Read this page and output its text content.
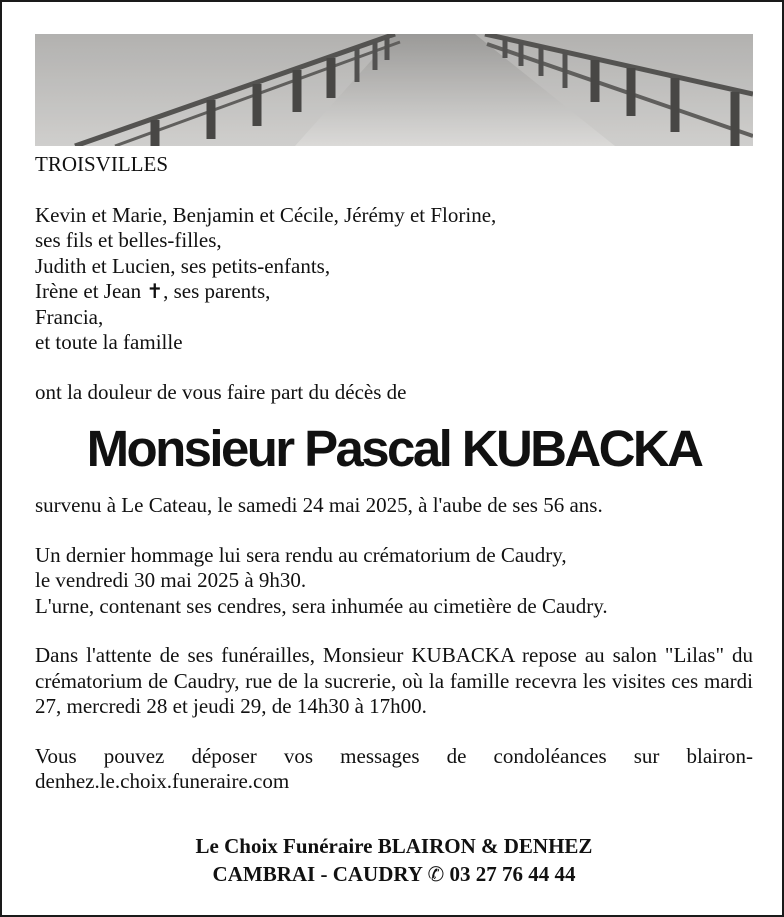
TROISVILLES

Kevin et Marie, Benjamin et Cécile, Jérémy et Florine,
ses fils et belles-filles,
Judith et Lucien, ses petits-enfants,
Irène et Jean ✝, ses parents,
Francia,
et toute la famille

ont la douleur de vous faire part du décès de

Monsieur Pascal KUBACKA

survenu à Le Cateau, le samedi 24 mai 2025, à l'aube de ses 56 ans.

Un dernier hommage lui sera rendu au crématorium de Caudry,
le vendredi 30 mai 2025 à 9h30.
L'urne, contenant ses cendres, sera inhumée au cimetière de Caudry.

Dans l'attente de ses funérailles, Monsieur KUBACKA repose au salon "Lilas" du crématorium de Caudry, rue de la sucrerie, où la famille recevra les visites ces mardi 27, mercredi 28 et jeudi 29, de 14h30 à 17h00.

Vous pouvez déposer vos messages de condoléances sur blairon-
denhez.le.choix.funeraire.com

Le Choix Funéraire BLAIRON & DENHEZ
CAMBRAI - CAUDRY ✆ 03 27 76 44 44
